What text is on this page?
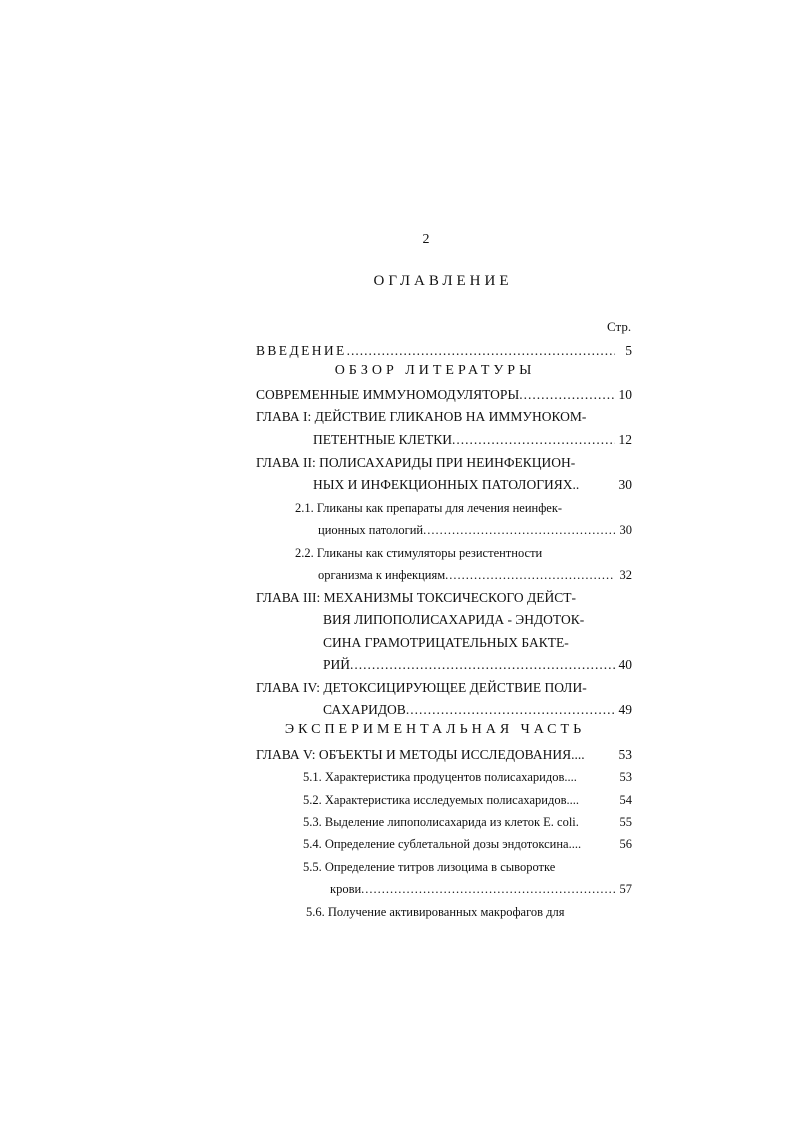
2
ОГЛАВЛЕНИЕ
Стр.
ВВЕДЕНИЕ .....	5
ОБЗОР ЛИТЕРАТУРЫ
СОВРЕМЕННЫЕ ИММУНОМОДУЛЯТОРЫ .....	10
ГЛАВА I: ДЕЙСТВИЕ ГЛИКАНОВ НА ИММУНОКОМ-
ПЕТЕНТНЫЕ КЛЕТКИ .....	12
ГЛАВА II: ПОЛИСАХАРИДЫ ПРИ НЕИНФЕКЦИОН-
НЫХ И ИНФЕКЦИОННЫХ ПАТОЛОГИЯХ..	30
2.1. Гликаны как препараты для лечения неинфек-
ционных патологий .....	30
2.2. Гликаны как стимуляторы резистентности
организма к инфекциям .....	32
ГЛАВА III: МЕХАНИЗМЫ ТОКСИЧЕСКОГО ДЕЙСТ-
ВИЯ ЛИПОПОЛИСАХАРИДА - ЭНДОТОК-
СИНА ГРАМОТРИЦАТЕЛЬНЫХ БАКТЕ-
РИЙ .....	40
ГЛАВА IV: ДЕТОКСИЦИРУЮЩЕЕ ДЕЙСТВИЕ ПОЛИ-
САХАРИДОВ .....	49
ЭКСПЕРИМЕНТАЛЬНАЯ ЧАСТЬ
ГЛАВА V: ОБЪЕКТЫ И МЕТОДЫ ИССЛЕДОВАНИЯ....	53
5.1. Характеристика продуцентов полисахаридов....	53
5.2. Характеристика исследуемых полисахаридов....	54
5.3. Выделение липополисахарида из клеток E. coli.	55
5.4. Определение сублетальной дозы эндотоксина....	56
5.5. Определение титров лизоцима в сыворотке
крови .....	57
5.6. Получение активированных макрофагов для
